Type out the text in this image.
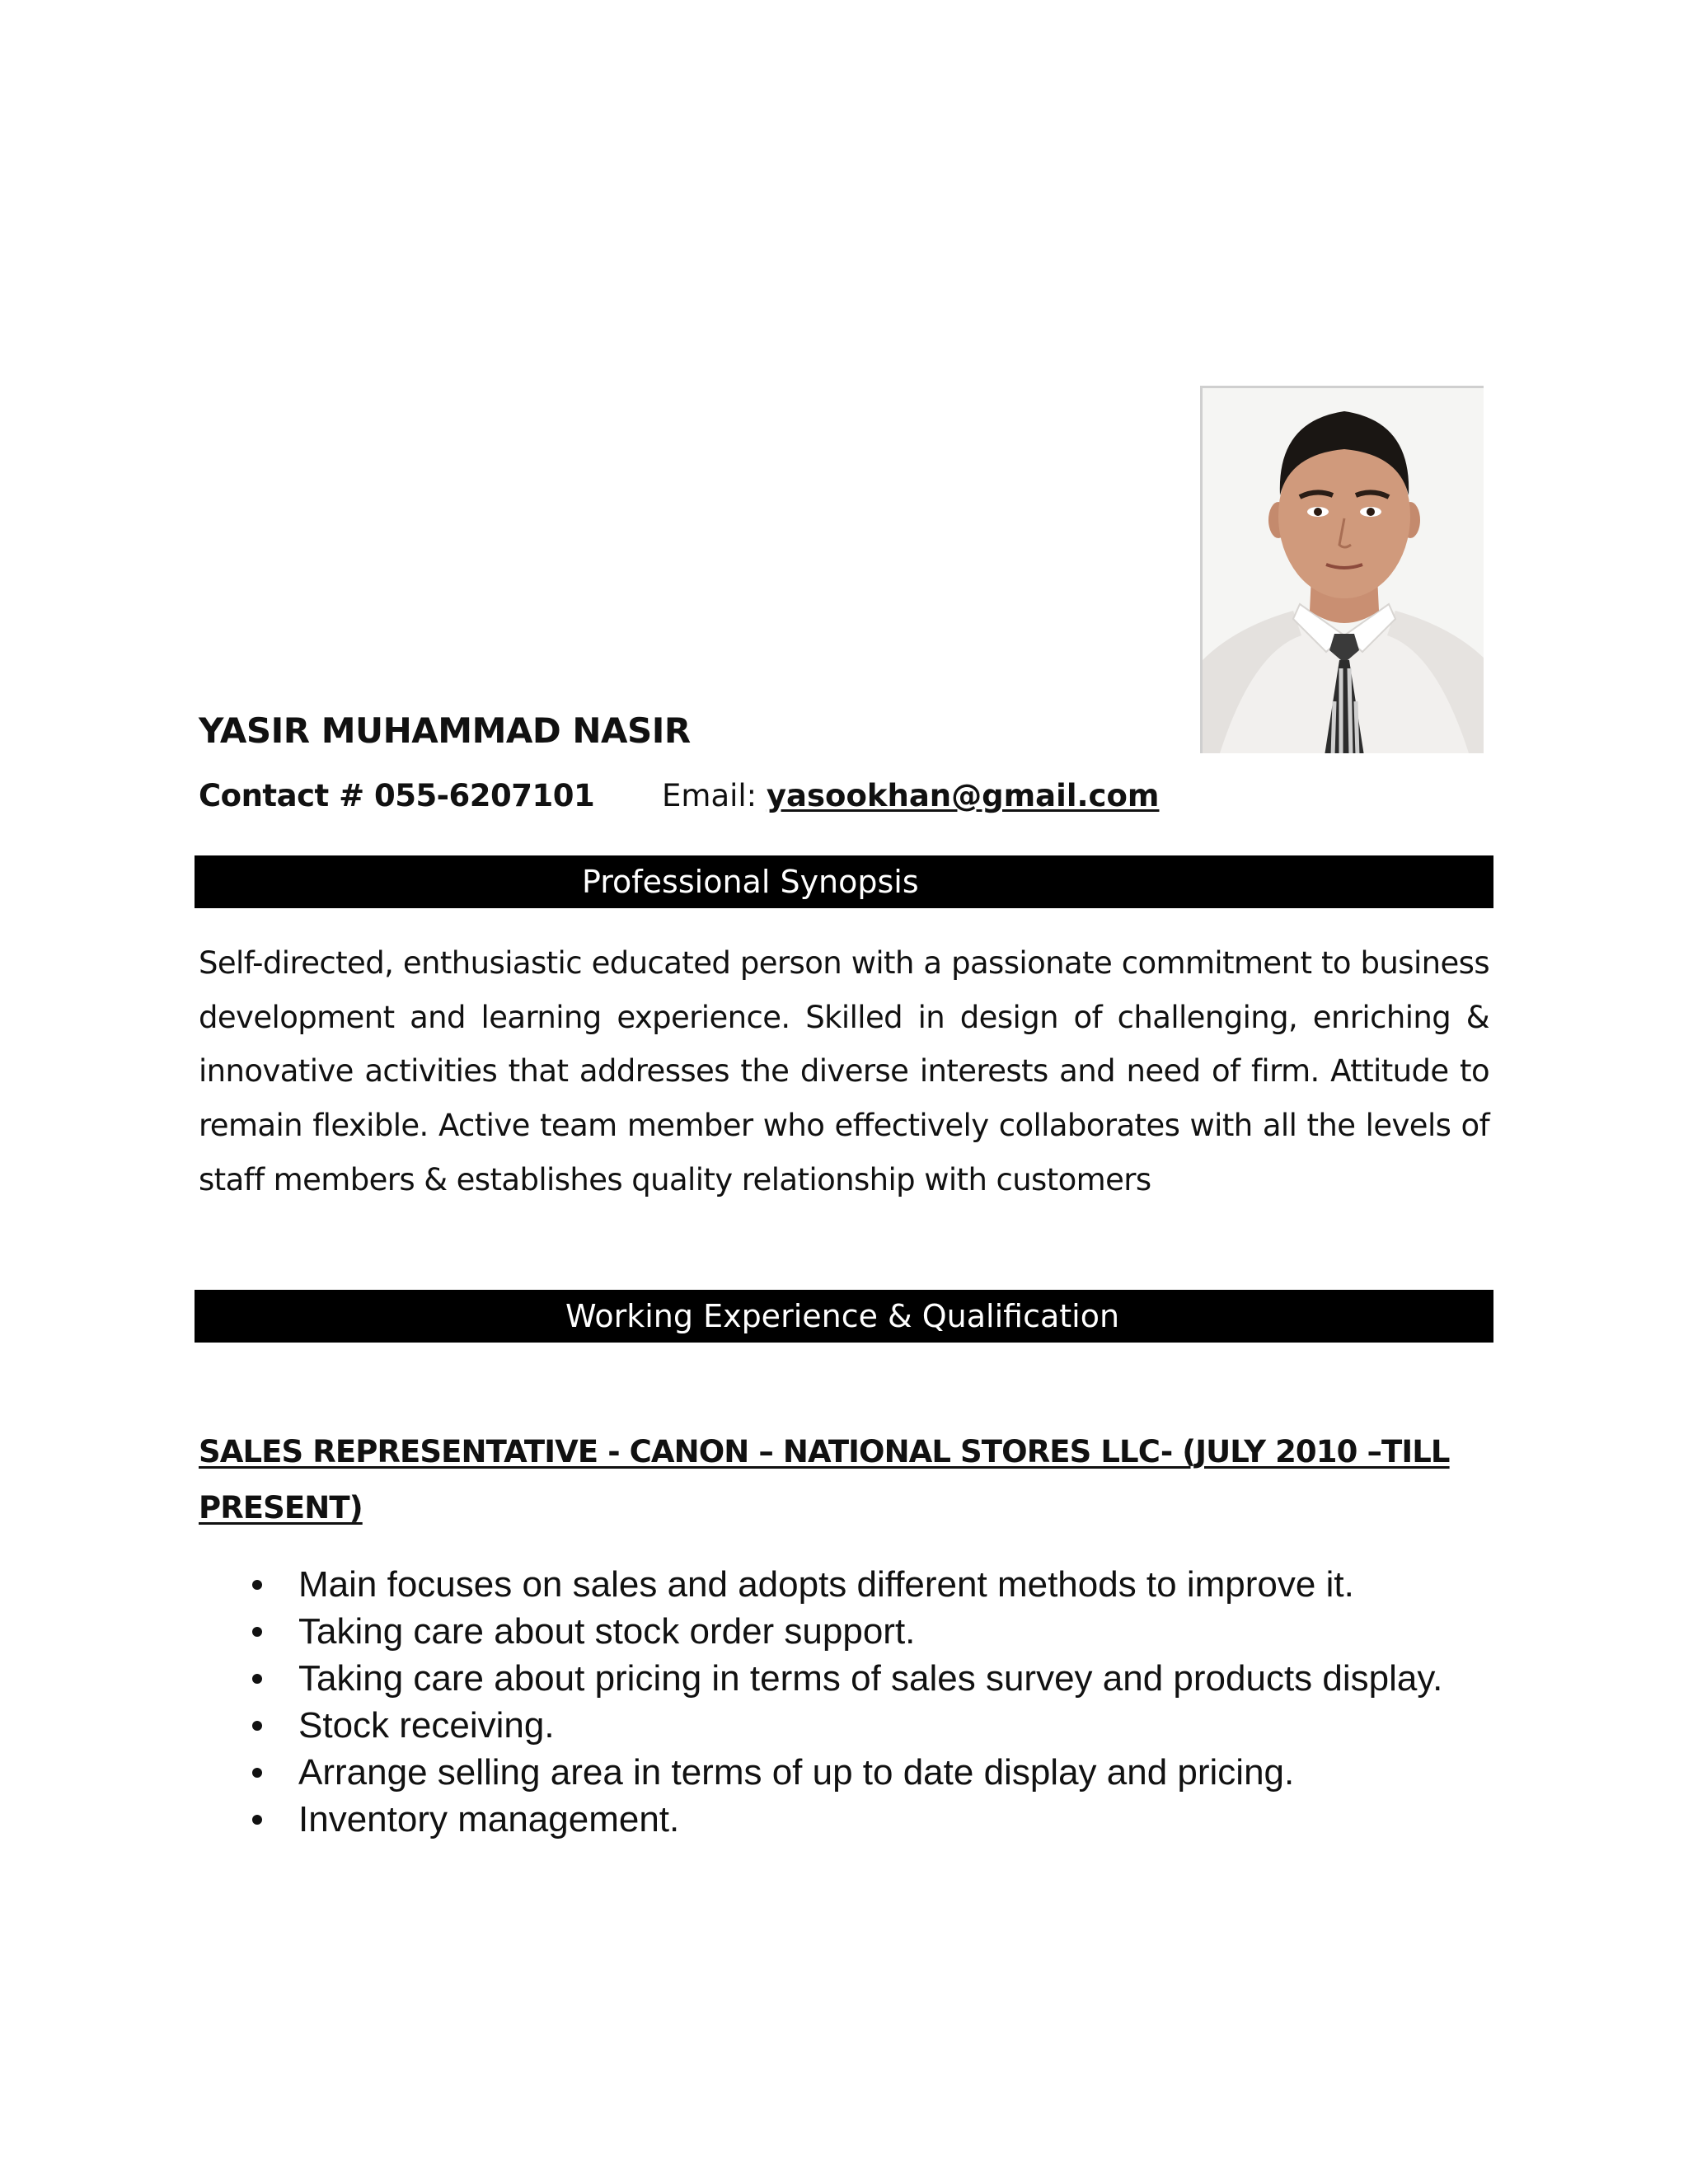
YASIR MUHAMMAD NASIR
Contact # 055-6207101 Email: yasookhan@gmail.com
Professional Synopsis

Self-directed, enthusiastic educated person with a passionate commitment to business development and learning experience. Skilled in design of challenging, enriching & innovative activities that addresses the diverse interests and need of firm. Attitude to remain flexible. Active team member who effectively collaborates with all the levels of staff members & establishes quality relationship with customers

Working Experience & Qualification
SALES REPRESENTATIVE - CANON – NATIONAL STORES LLC- (JULY 2010 –TILL PRESENT)
Main focuses on sales and adopts different methods to improve it.
Taking care about stock order support.
Taking care about pricing in terms of sales survey and products display.
Stock receiving.
Arrange selling area in terms of up to date display and pricing.
Inventory management.
